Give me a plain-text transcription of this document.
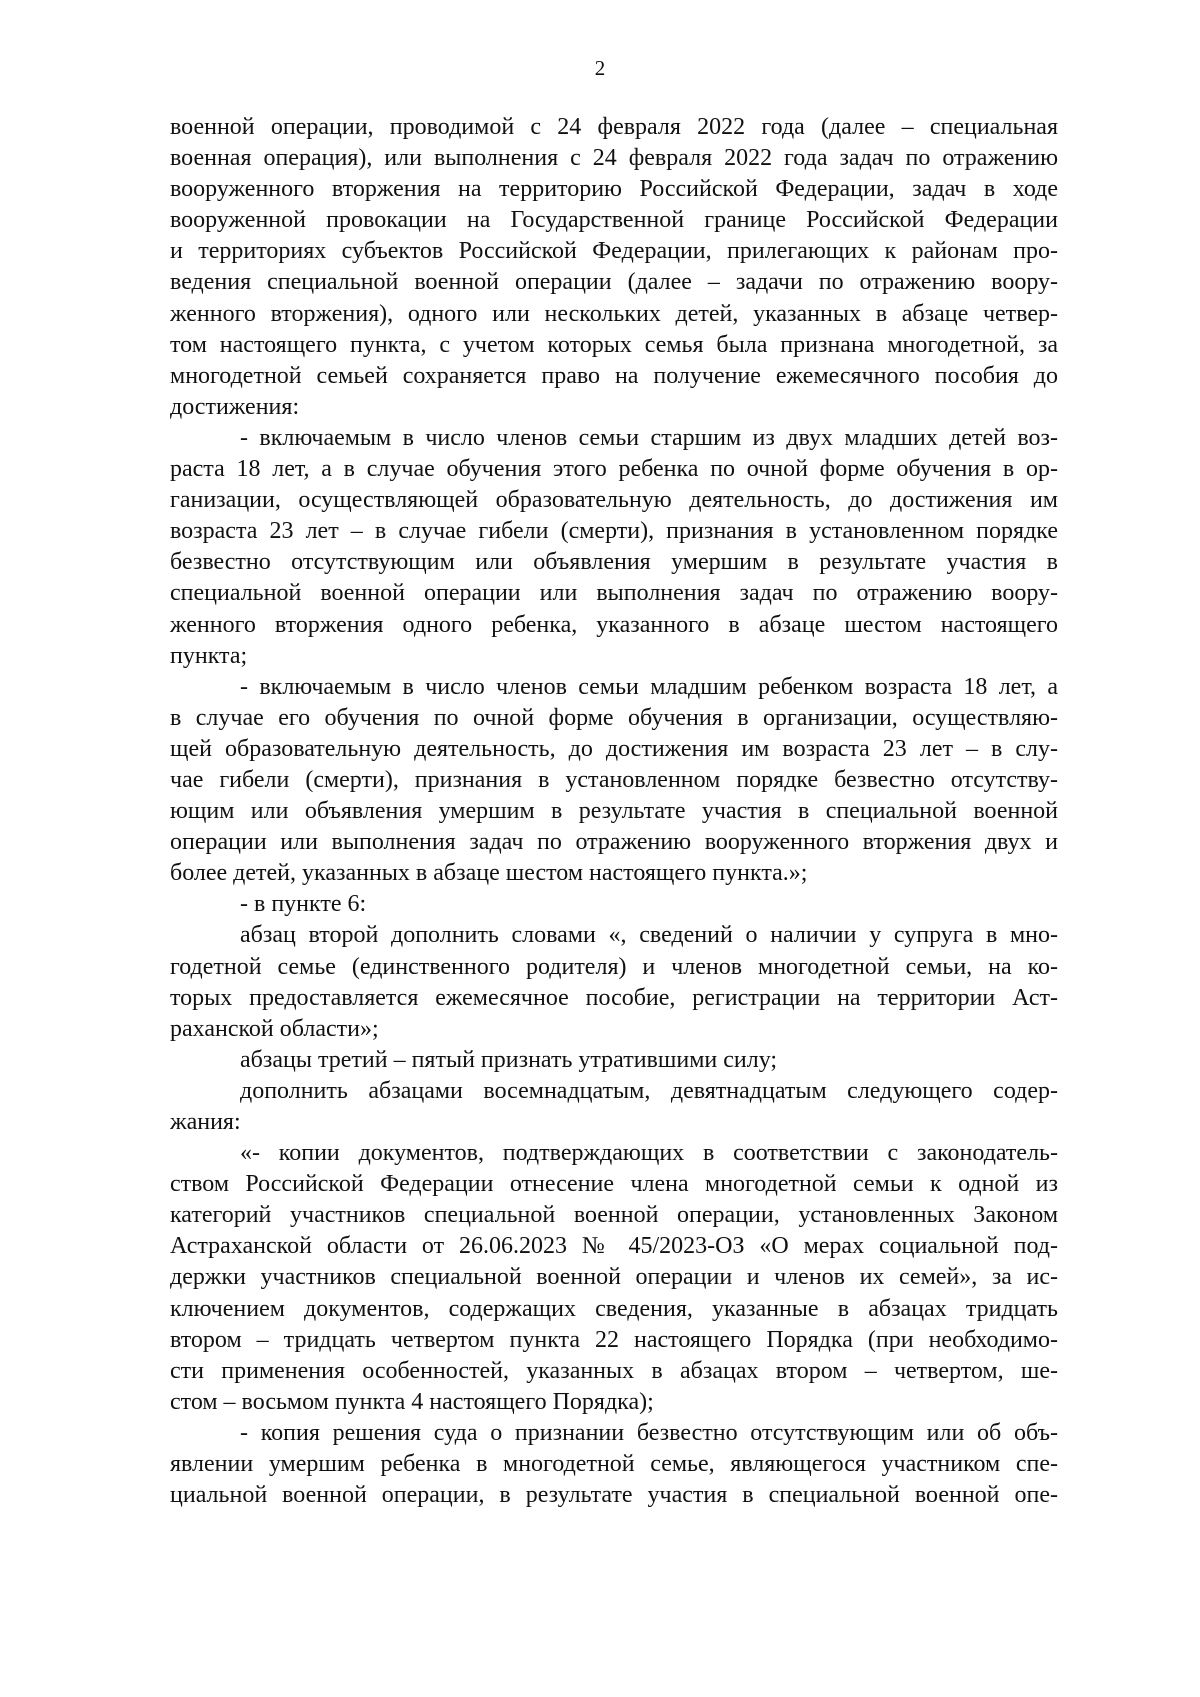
2
военной операции, проводимой с 24 февраля 2022 года (далее – специальная
военная операция), или выполнения с 24 февраля 2022 года задач по отражению
вооруженного вторжения на территорию Российской Федерации, задач в ходе
вооруженной провокации на Государственной границе Российской Федерации
и территориях субъектов Российской Федерации, прилегающих к районам про-
ведения специальной военной операции (далее – задачи по отражению воору-
женного вторжения), одного или нескольких детей, указанных в абзаце четвер-
том настоящего пункта, с учетом которых семья была признана многодетной, за
многодетной семьей сохраняется право на получение ежемесячного пособия до
достижения:
- включаемым в число членов семьи старшим из двух младших детей воз-
раста 18 лет, а в случае обучения этого ребенка по очной форме обучения в ор-
ганизации, осуществляющей образовательную деятельность, до достижения им
возраста 23 лет – в случае гибели (смерти), признания в установленном порядке
безвестно отсутствующим или объявления умершим в результате участия в
специальной военной операции или выполнения задач по отражению воору-
женного вторжения одного ребенка, указанного в абзаце шестом настоящего
пункта;
- включаемым в число членов семьи младшим ребенком возраста 18 лет, а
в случае его обучения по очной форме обучения в организации, осуществляю-
щей образовательную деятельность, до достижения им возраста 23 лет – в слу-
чае гибели (смерти), признания в установленном порядке безвестно отсутству-
ющим или объявления умершим в результате участия в специальной военной
операции или выполнения задач по отражению вооруженного вторжения двух и
более детей, указанных в абзаце шестом настоящего пункта.»;
- в пункте 6:
абзац второй дополнить словами «, сведений о наличии у супруга в мно-
годетной семье (единственного родителя) и членов многодетной семьи, на ко-
торых предоставляется ежемесячное пособие, регистрации на территории Аст-
раханской области»;
абзацы третий – пятый признать утратившими силу;
дополнить абзацами восемнадцатым, девятнадцатым следующего содер-
жания:
«- копии документов, подтверждающих в соответствии с законодатель-
ством Российской Федерации отнесение члена многодетной семьи к одной из
категорий участников специальной военной операции, установленных Законом
Астраханской области от 26.06.2023 № 45/2023-ОЗ «О мерах социальной под-
держки участников специальной военной операции и членов их семей», за ис-
ключением документов, содержащих сведения, указанные в абзацах тридцать
втором – тридцать четвертом пункта 22 настоящего Порядка (при необходимо-
сти применения особенностей, указанных в абзацах втором – четвертом, ше-
стом – восьмом пункта 4 настоящего Порядка);
- копия решения суда о признании безвестно отсутствующим или об объ-
явлении умершим ребенка в многодетной семье, являющегося участником спе-
циальной военной операции, в результате участия в специальной военной опе-
